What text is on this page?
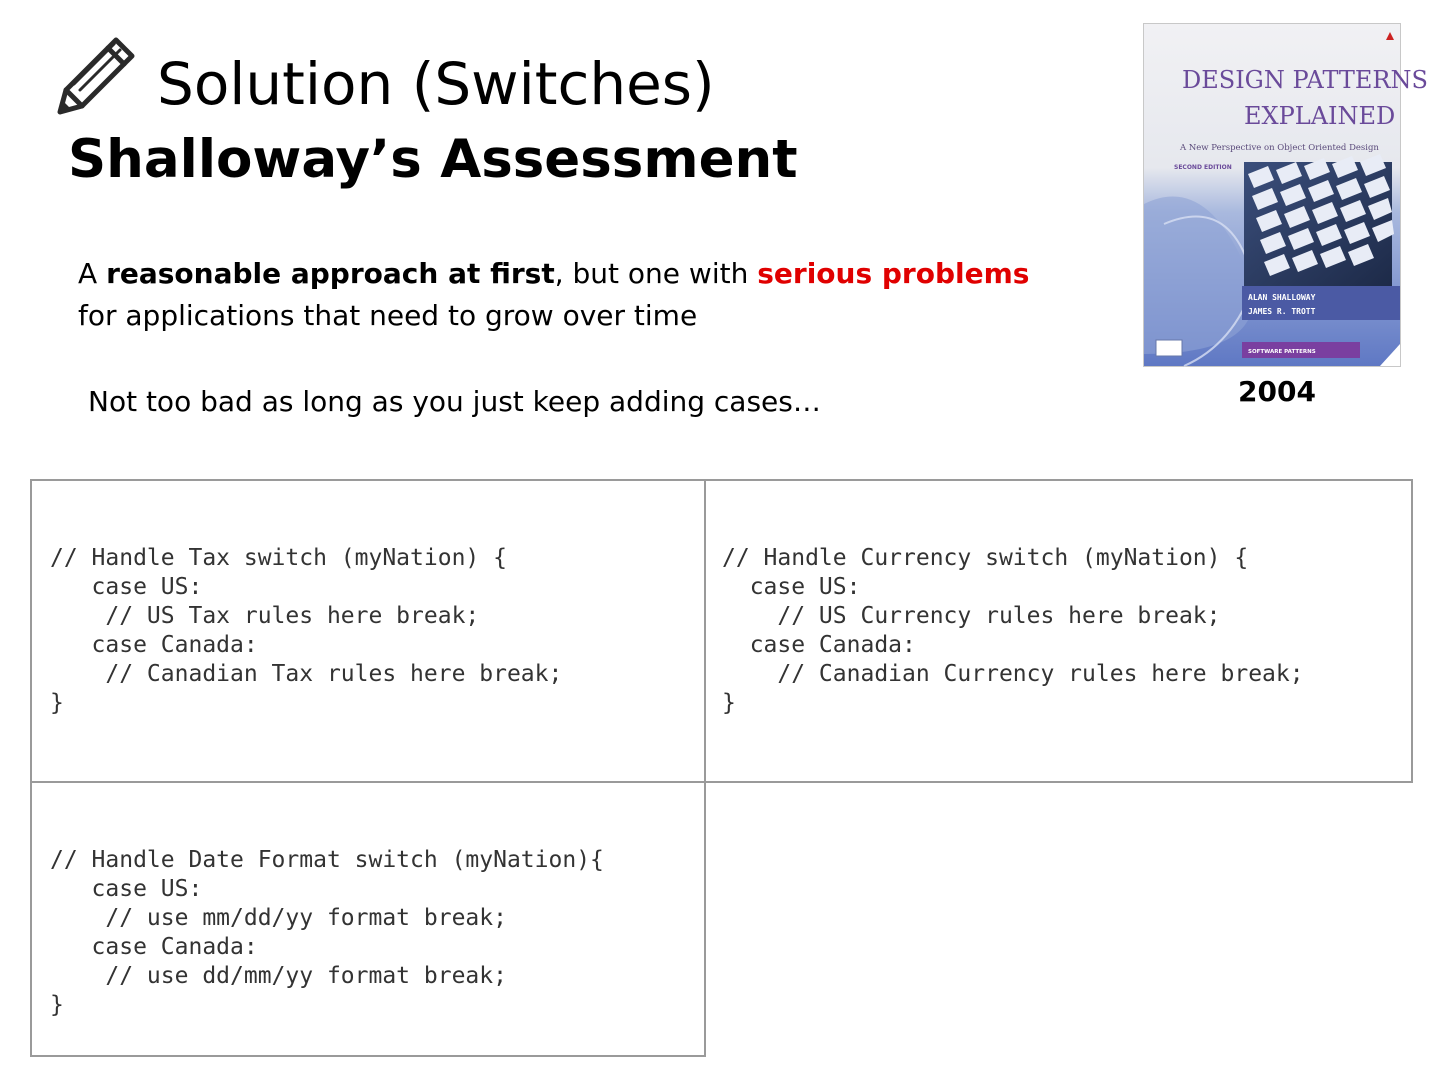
Solution (Switches)
Shalloway’s Assessment
A reasonable approach at first, but one with serious problems
for applications that need to grow over time
Not too bad as long as you just keep adding cases…
DESIGN PATTERNS
EXPLAINED
A New Perspective on Object Oriented Design
SECOND EDITION
ALAN SHALLOWAY
JAMES R. TROTT
SOFTWARE PATTERNS
2004
// Handle Tax switch (myNation) {
case US:
// US Tax rules here break;
case Canada:
// Canadian Tax rules here break;
}
// Handle Currency switch (myNation) {
case US:
// US Currency rules here break;
case Canada:
// Canadian Currency rules here break;
}
// Handle Date Format switch (myNation){
case US:
// use mm/dd/yy format break;
case Canada:
// use dd/mm/yy format break;
}
